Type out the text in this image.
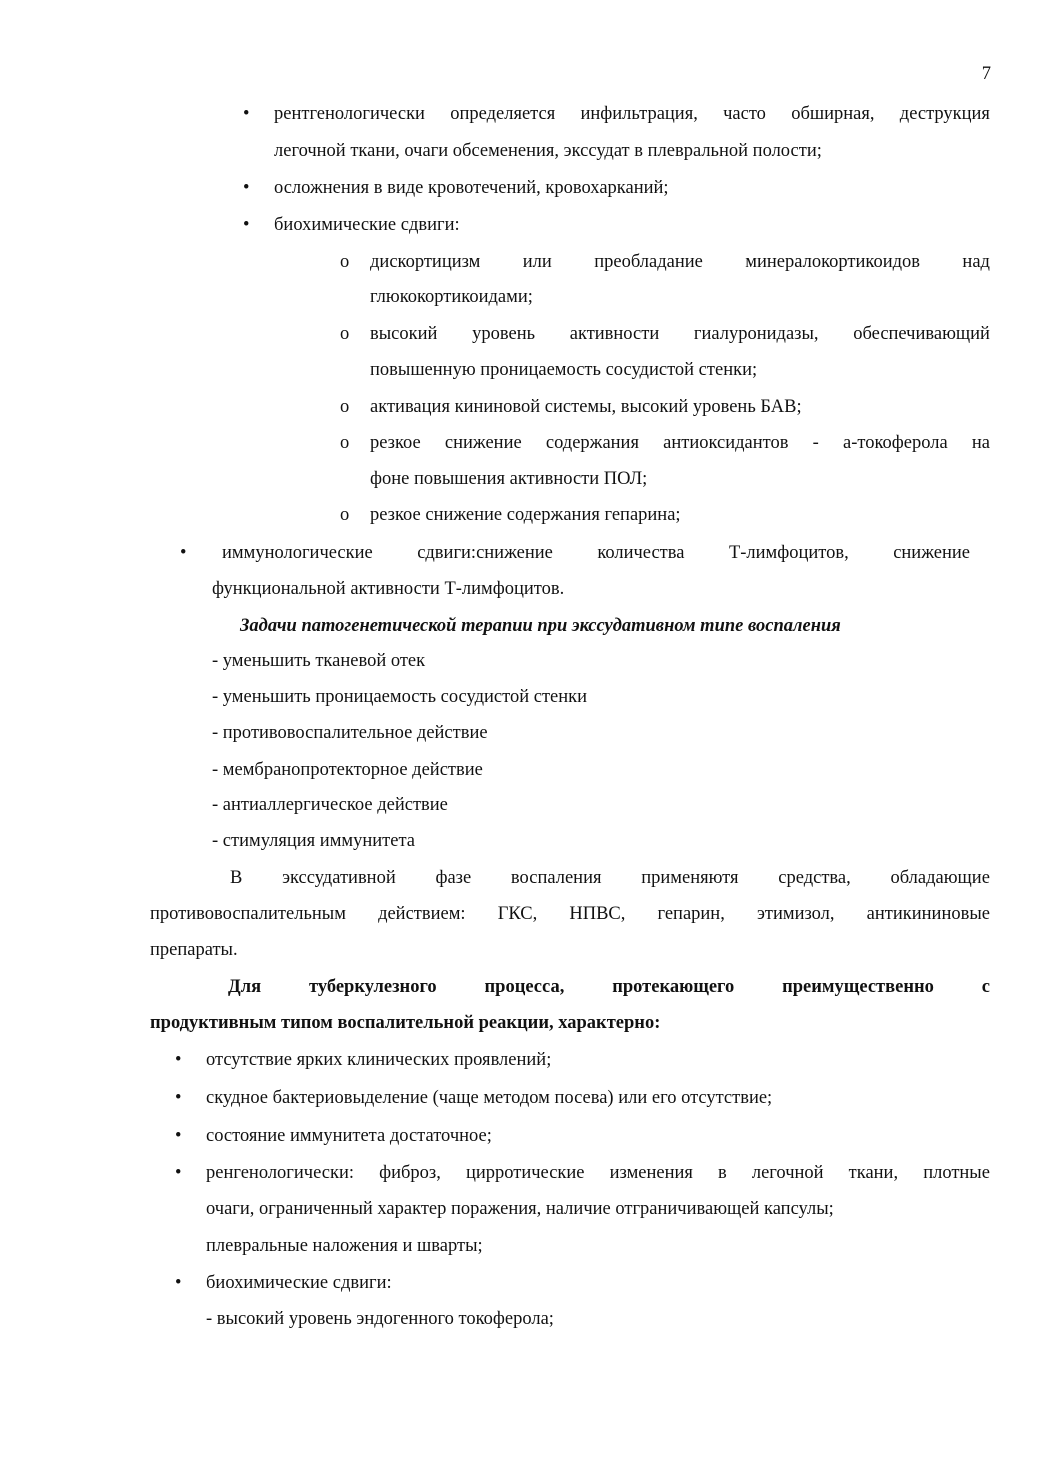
7
• рентгенологически определяется инфильтрация, часто обширная, деструкция
легочной ткани, очаги обсеменения, экссудат в плевральной полости;
• осложнения в виде кровотечений, кровохарканий;
• биохимические сдвиги:
o дискортицизм или преобладание минералокортикоидов над
глюкокортикоидами;
o высокий уровень активности гиалуронидазы, обеспечивающий
повышенную проницаемость сосудистой стенки;
o активация кининовой системы, высокий уровень БАВ;
o резкое снижение содержания антиоксидантов - а-токоферола на
фоне повышения активности ПОЛ;
o резкое снижение содержания гепарина;
• иммунологические сдвиги:снижение количества Т-лимфоцитов, снижение
функциональной активности Т-лимфоцитов.
Задачи патогенетической терапии при экссудативном типе воспаления
- уменьшить тканевой отек
- уменьшить проницаемость сосудистой стенки
- противовоспалительное действие
- мембранопротекторное действие
- антиаллергическое действие
- стимуляция иммунитета
В экссудативной фазе воспаления применяютя средства, обладающие
противовоспалительным действием: ГКС, НПВС, гепарин, этимизол, антикининовые
препараты.
Для	туберкулезного	процесса,	протекающего	преимущественно	с
продуктивным типом воспалительной реакции, характерно:
• отсутствие ярких клинических проявлений;
• скудное бактериовыделение (чаще методом посева) или его отсутствие;
• состояние иммунитета достаточное;
• ренгенологически: фиброз, цирротические изменения в легочной ткани, плотные
очаги, ограниченный характер поражения, наличие отграничивающей капсулы;
плевральные наложения и шварты;
• биохимические сдвиги:
- высокий уровень эндогенного токоферола;
